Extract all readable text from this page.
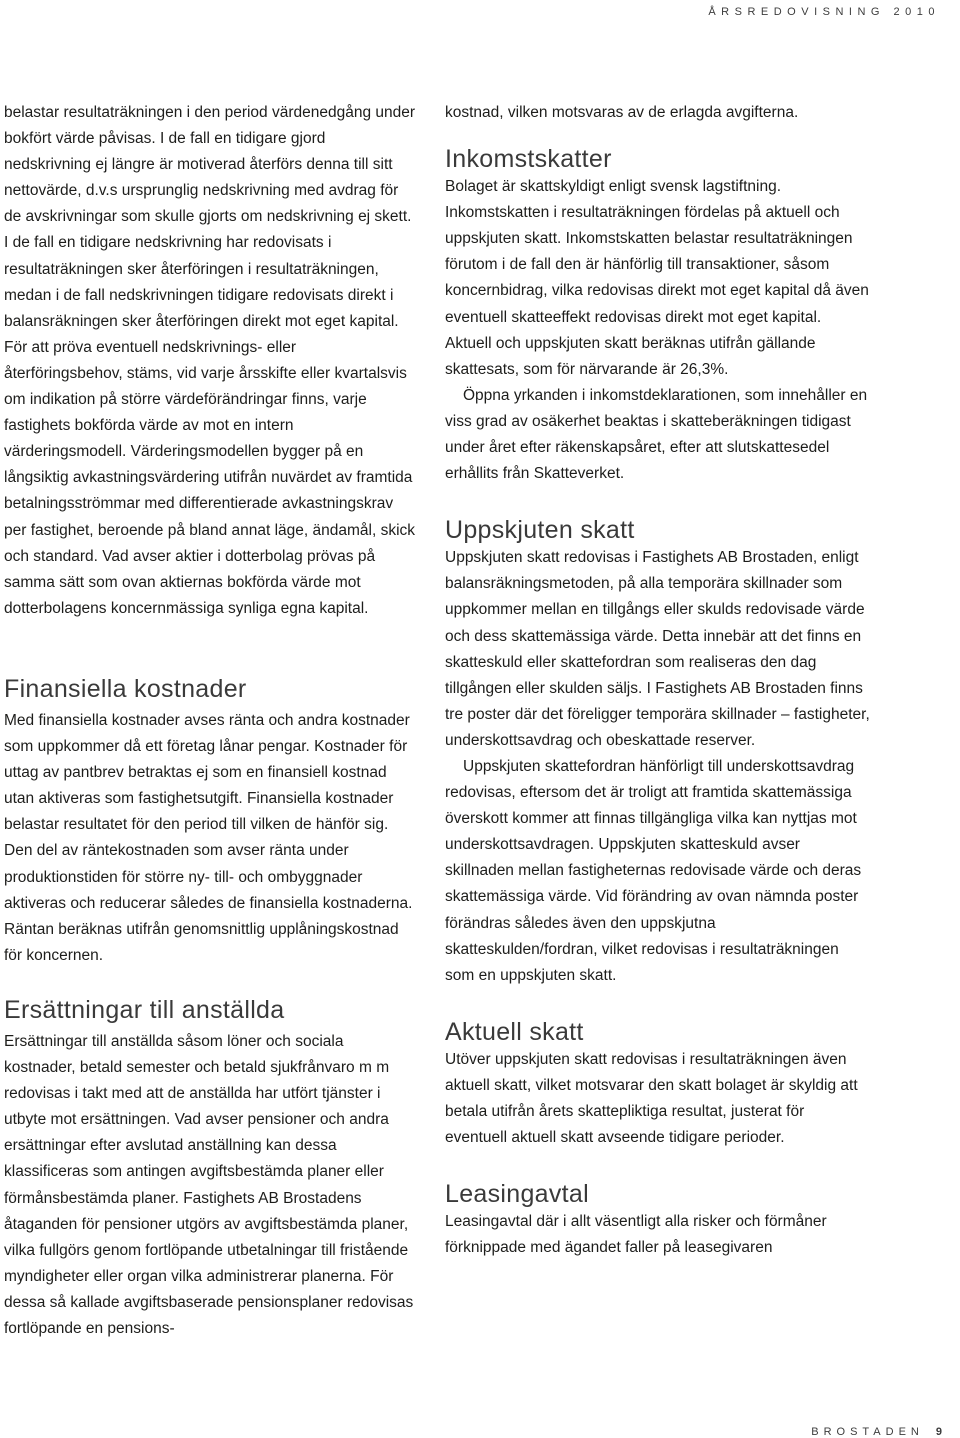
ÅRSREDOVISNING 2010

belastar resultaträkningen i den period värdenedgång under bokfört värde påvisas. I de fall en tidigare gjord nedskrivning ej längre är motiverad återförs denna till sitt nettovärde, d.v.s ursprunglig nedskrivning med avdrag för de avskrivningar som skulle gjorts om nedskrivning ej skett. I de fall en tidigare nedskrivning har redovisats i resultaträkningen sker återföringen i resultaträkningen, medan i de fall nedskrivningen tidigare redovisats direkt i balansräkningen sker återföringen direkt mot eget kapital. För att pröva eventuell nedskrivnings- eller återföringsbehov, stäms, vid varje årsskifte eller kvartalsvis om indikation på större värdeförändringar finns, varje fastighets bokförda värde av mot en intern värderingsmodell. Värderingsmodellen bygger på en långsiktig avkastningsvärdering utifrån nuvärdet av framtida betalningsströmmar med differentierade avkastningskrav per fastighet, beroende på bland annat läge, ändamål, skick och standard. Vad avser aktier i dotterbolag prövas på samma sätt som ovan aktiernas bokförda värde mot dotterbolagens koncernmässiga synliga egna kapital.

Finansiella kostnader

Med finansiella kostnader avses ränta och andra kostnader som uppkommer då ett företag lånar pengar. Kostnader för uttag av pantbrev betraktas ej som en finansiell kostnad utan aktiveras som fastighetsutgift. Finansiella kostnader belastar resultatet för den period till vilken de hänför sig. Den del av räntekostnaden som avser ränta under produktionstiden för större ny- till- och ombyggnader aktiveras och reducerar således de finansiella kostnaderna. Räntan beräknas utifrån genomsnittlig upplåningskostnad för koncernen.

Ersättningar till anställda

Ersättningar till anställda såsom löner och sociala kostnader, betald semester och betald sjukfrånvaro m m redovisas i takt med att de anställda har utfört tjänster i utbyte mot ersättningen. Vad avser pensioner och andra ersättningar efter avslutad anställning kan dessa klassificeras som antingen avgiftsbestämda planer eller förmånsbestämda planer. Fastighets AB Brostadens åtaganden för pensioner utgörs av avgiftsbestämda planer, vilka fullgörs genom fortlöpande utbetalningar till fristående myndigheter eller organ vilka administrerar planerna. För dessa så kallade avgiftsbaserade pensionsplaner redovisas fortlöpande en pensions-

kostnad, vilken motsvaras av de erlagda avgifterna.

Inkomstskatter

Bolaget är skattskyldigt enligt svensk lagstiftning. Inkomstskatten i resultaträkningen fördelas på aktuell och uppskjuten skatt. Inkomstskatten belastar resultaträkningen förutom i de fall den är hänförlig till transaktioner, såsom koncernbidrag, vilka redovisas direkt mot eget kapital då även eventuell skatteeffekt redovisas direkt mot eget kapital. Aktuell och uppskjuten skatt beräknas utifrån gällande skattesats, som för närvarande är 26,3%.

Öppna yrkanden i inkomstdeklarationen, som innehåller en viss grad av osäkerhet beaktas i skatteberäkningen tidigast under året efter räkenskapsåret, efter att slutskattesedel erhållits från Skatteverket.

Uppskjuten skatt

Uppskjuten skatt redovisas i Fastighets AB Brostaden, enligt balansräkningsmetoden, på alla temporära skillnader som uppkommer mellan en tillgångs eller skulds redovisade värde och dess skattemässiga värde. Detta innebär att det finns en skatteskuld eller skattefordran som realiseras den dag tillgången eller skulden säljs. I Fastighets AB Brostaden finns tre poster där det föreligger temporära skillnader – fastigheter, underskottsavdrag och obeskattade reserver.

Uppskjuten skattefordran hänförligt till underskottsavdrag redovisas, eftersom det är troligt att framtida skattemässiga överskott kommer att finnas tillgängliga vilka kan nyttjas mot underskottsavdragen. Uppskjuten skatteskuld avser skillnaden mellan fastigheternas redovisade värde och deras skattemässiga värde. Vid förändring av ovan nämnda poster förändras således även den uppskjutna skatteskulden/fordran, vilket redovisas i resultaträkningen som en uppskjuten skatt.

Aktuell skatt

Utöver uppskjuten skatt redovisas i resultaträkningen även aktuell skatt, vilket motsvarar den skatt bolaget är skyldig att betala utifrån årets skattepliktiga resultat, justerat för eventuell aktuell skatt avseende tidigare perioder.

Leasingavtal

Leasingavtal där i allt väsentligt alla risker och förmåner förknippade med ägandet faller på leasegivaren

BROSTADEN 9
